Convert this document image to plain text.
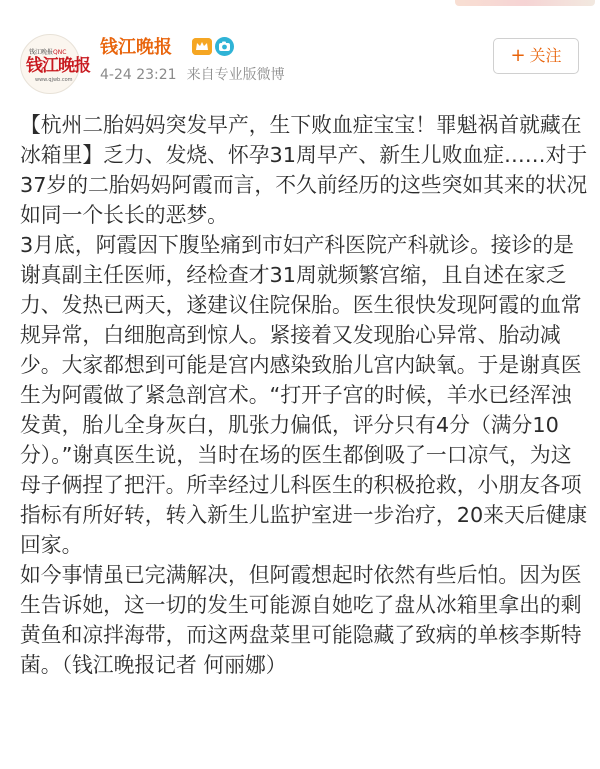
钱江晚报QNC
钱江晚报
www.qjwb.com
钱江晚报
4-24 23:21 来自专业版微博
+ 关注

【杭州二胎妈妈突发早产，生下败血症宝宝！罪魁祸首就藏在冰箱里】乏力、发烧、怀孕31周早产、新生儿败血症……对于37岁的二胎妈妈阿霞而言，不久前经历的这些突如其来的状况如同一个长长的恶梦。

3月底，阿霞因下腹坠痛到市妇产科医院产科就诊。接诊的是谢真副主任医师，经检查才31周就频繁宫缩，且自述在家乏力、发热已两天，遂建议住院保胎。医生很快发现阿霞的血常规异常，白细胞高到惊人。紧接着又发现胎心异常、胎动减少。大家都想到可能是宫内感染致胎儿宫内缺氧。于是谢真医生为阿霞做了紧急剖宫术。“打开子宫的时候，羊水已经浑浊发黄，胎儿全身灰白，肌张力偏低，评分只有4分（满分10分）。”谢真医生说，当时在场的医生都倒吸了一口凉气，为这母子俩捏了把汗。所幸经过儿科医生的积极抢救，小朋友各项指标有所好转，转入新生儿监护室进一步治疗，20来天后健康回家。

如今事情虽已完满解决，但阿霞想起时依然有些后怕。因为医生告诉她，这一切的发生可能源自她吃了盘从冰箱里拿出的剩黄鱼和凉拌海带，而这两盘菜里可能隐藏了致病的单核李斯特菌。（钱江晚报记者 何丽娜）
